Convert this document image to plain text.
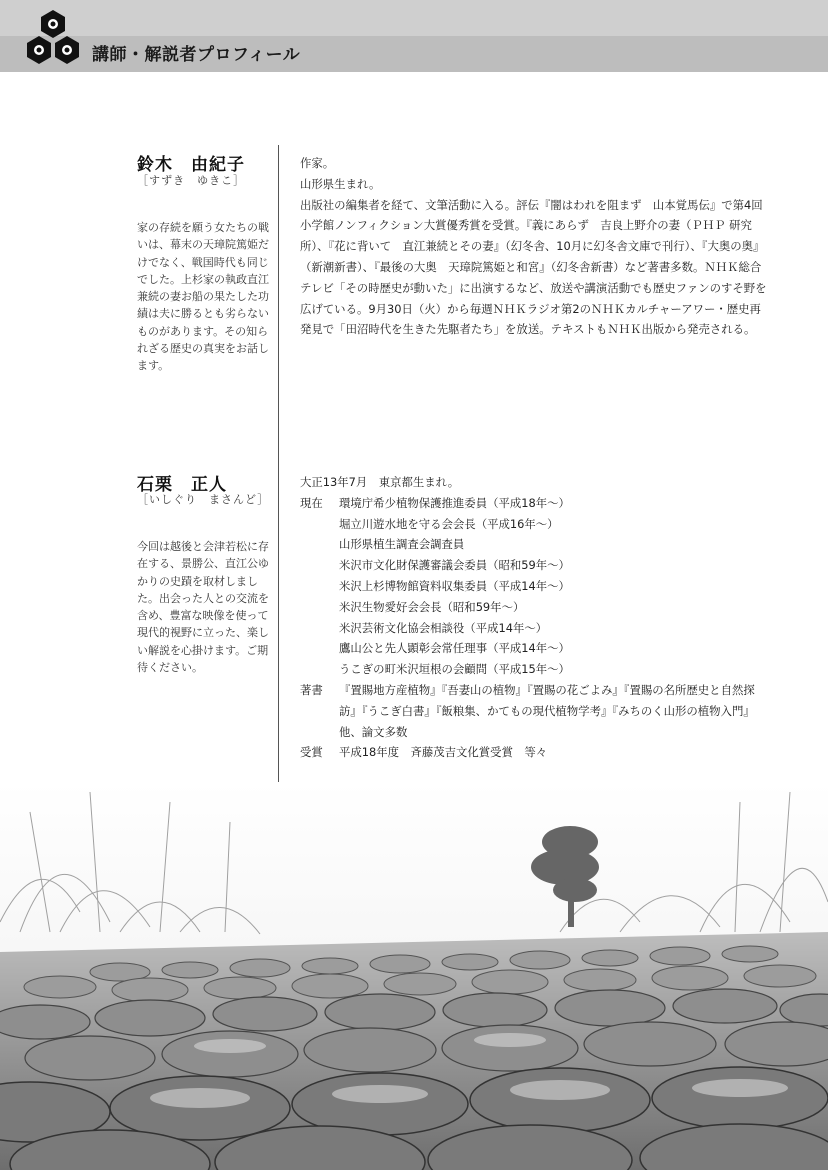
講師・解説者プロフィール
鈴木　由紀子
［すずき　ゆきこ］
家の存続を願う女たちの戦いは、幕末の天璋院篤姫だけでなく、戦国時代も同じでした。上杉家の執政直江兼続の妻お船の果たした功績は夫に勝るとも劣らないものがあります。その知られざる歴史の真実をお話します。

作家。

山形県生まれ。

出版社の編集者を経て、文筆活動に入る。評伝『闇はわれを阻まず　山本覚馬伝』で第4回小学館ノンフィクション大賞優秀賞を受賞。『義にあらず　吉良上野介の妻（ＰＨＰ 研究所）、『花に背いて　直江兼続とその妻』（幻冬舎、10月に幻冬舎文庫で刊行）、『大奥の奥』（新潮新書）、『最後の大奥　天璋院篤姫と和宮』（幻冬舎新書）など著書多数。ＮＨＫ総合テレビ「その時歴史が動いた」に出演するなど、放送や講演活動でも歴史ファンのすそ野を広げている。9月30日（火）から毎週ＮＨＫラジオ第2のＮＨＫカルチャーアワー・歴史再発見で「田沼時代を生きた先駆者たち」を放送。テキストもＮＨＫ出版から発売される。

石栗　正人
［いしぐり　まさんど］
今回は越後と会津若松に存在する、景勝公、直江公ゆかりの史蹟を取材しました。出会った人との交流を含め、豊富な映像を使って現代的視野に立った、楽しい解説を心掛けます。ご期待ください。
大正13年7月　東京都生まれ。
現在	環境庁希少植物保護推進委員（平成18年～）
堀立川遊水地を守る会会長（平成16年～）
山形県植生調査会調査員
米沢市文化財保護審議会委員（昭和59年～）
米沢上杉博物館資料収集委員（平成14年～）
米沢生物愛好会会長（昭和59年～）
米沢芸術文化協会相談役（平成14年～）
鷹山公と先人顕彰会常任理事（平成14年～）
うこぎの町米沢垣根の会顧問（平成15年～）
著書	『置賜地方産植物』『吾妻山の植物』『置賜の花ごよみ』『置賜の名所歴史と自然探訪』『うこぎ白書』『飯粮集、かてもの現代植物学考』『みちのく山形の植物入門』他、論文多数
受賞	平成18年度　斉藤茂吉文化賞受賞　等々
